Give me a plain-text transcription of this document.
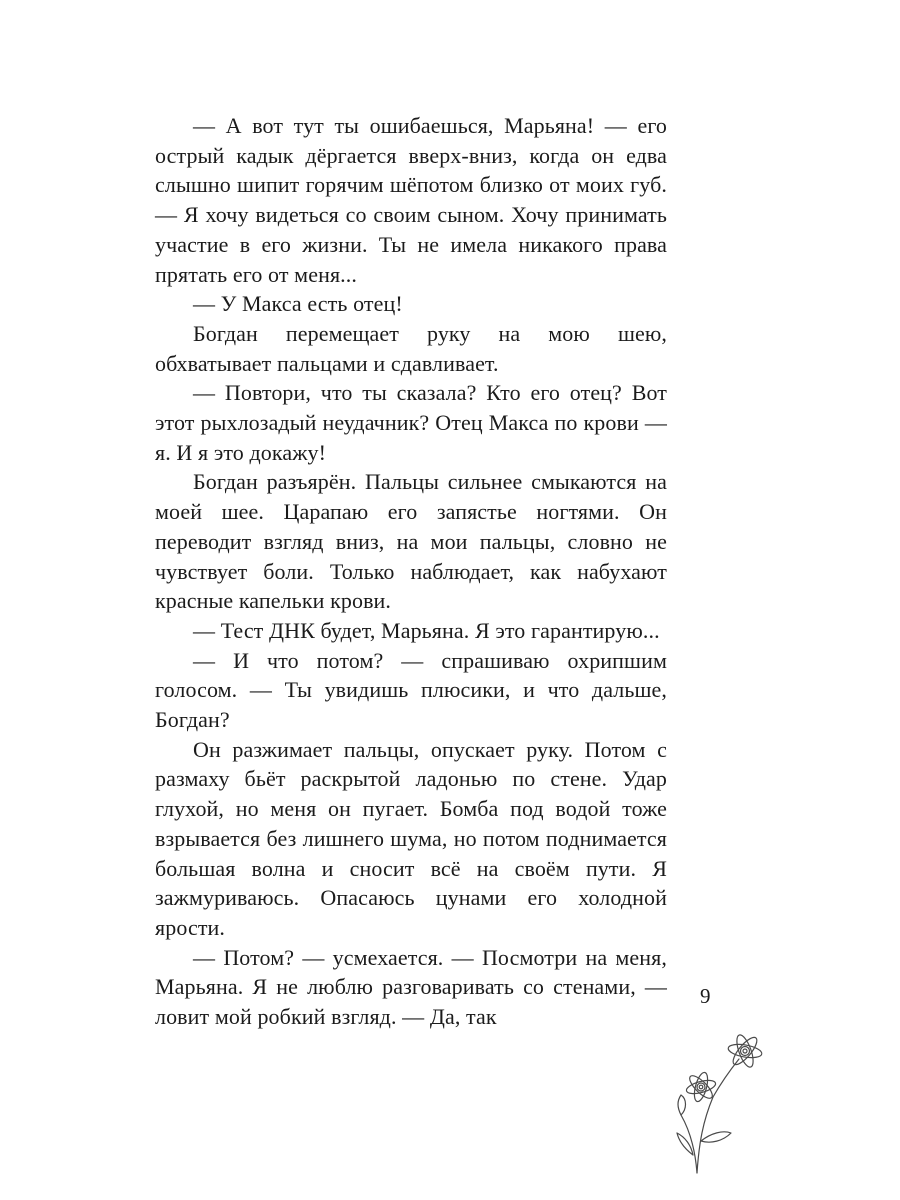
— А вот тут ты ошибаешься, Марьяна! — его острый кадык дёргается вверх-вниз, когда он едва слышно шипит горячим шёпотом близко от моих губ. — Я хочу видеться со своим сыном. Хочу принимать участие в его жизни. Ты не имела никакого права прятать его от меня...

— У Макса есть отец!

Богдан перемещает руку на мою шею, обхватывает пальцами и сдавливает.

— Повтори, что ты сказала? Кто его отец? Вот этот рыхлозадый неудачник? Отец Макса по крови — я. И я это докажу!

Богдан разъярён. Пальцы сильнее смыкаются на моей шее. Царапаю его запястье ногтями. Он переводит взгляд вниз, на мои пальцы, словно не чувствует боли. Только наблюдает, как набухают красные капельки крови.

— Тест ДНК будет, Марьяна. Я это гарантирую...

— И что потом? — спрашиваю охрипшим голосом. — Ты увидишь плюсики, и что дальше, Богдан?

Он разжимает пальцы, опускает руку. Потом с размаху бьёт раскрытой ладонью по стене. Удар глухой, но меня он пугает. Бомба под водой тоже взрывается без лишнего шума, но потом поднимается большая волна и сносит всё на своём пути. Я зажмуриваюсь. Опасаюсь цунами его холодной ярости.

— Потом? — усмехается. — Посмотри на меня, Марьяна. Я не люблю разговаривать со стенами, — ловит мой робкий взгляд. — Да, так

9
